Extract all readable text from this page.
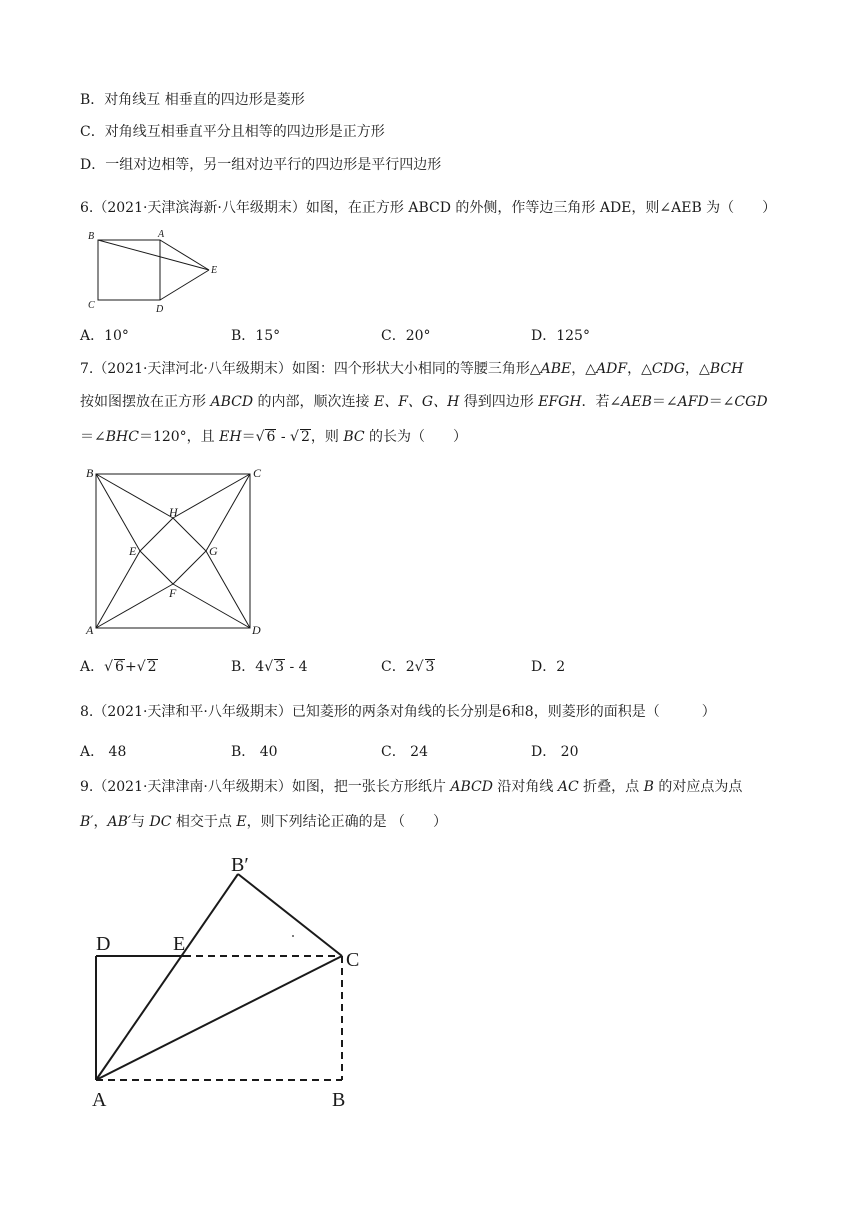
B．对角线互 相垂直的四边形是菱形
C．对角线互相垂直平分且相等的四边形是正方形
D．一组对边相等，另一组对边平行的四边形是平行四边形
6.（2021·天津滨海新·八年级期末）如图，在正方形 ABCD 的外侧，作等边三角形 ADE，则∠AEB 为（　　）
B	A
E
C	D
A．10°	B．15°	C．20°	D．125°
7.（2021·天津河北·八年级期末）如图：四个形状大小相同的等腰三角形△ABE，△ADF，△CDG，△BCH
按如图摆放在正方形 ABCD 的内部，顺次连接 E、F、G、H 得到四边形 EFGH．若∠AEB＝∠AFD＝∠CGD
＝∠BHC＝120°，且 EH＝√ 6 - √ 2，则 BC 的长为（　　）
B	C
H
E	G
F
A	D
A．√ 6+√ 2	B．4√ 3 - 4	C．2√ 3	D．2
8.（2021·天津和平·八年级期末）已知菱形的两条对角线的长分别是6和8，则菱形的面积是（　　　）
A． 48	B． 40	C． 24	D． 20
9.（2021·天津津南·八年级期末）如图，把一张长方形纸片 ABCD 沿对角线 AC 折叠，点 B 的对应点为点
B′，AB′与 DC 相交于点 E，则下列结论正确的是 （　　）
B′
D	E
C
A	B
